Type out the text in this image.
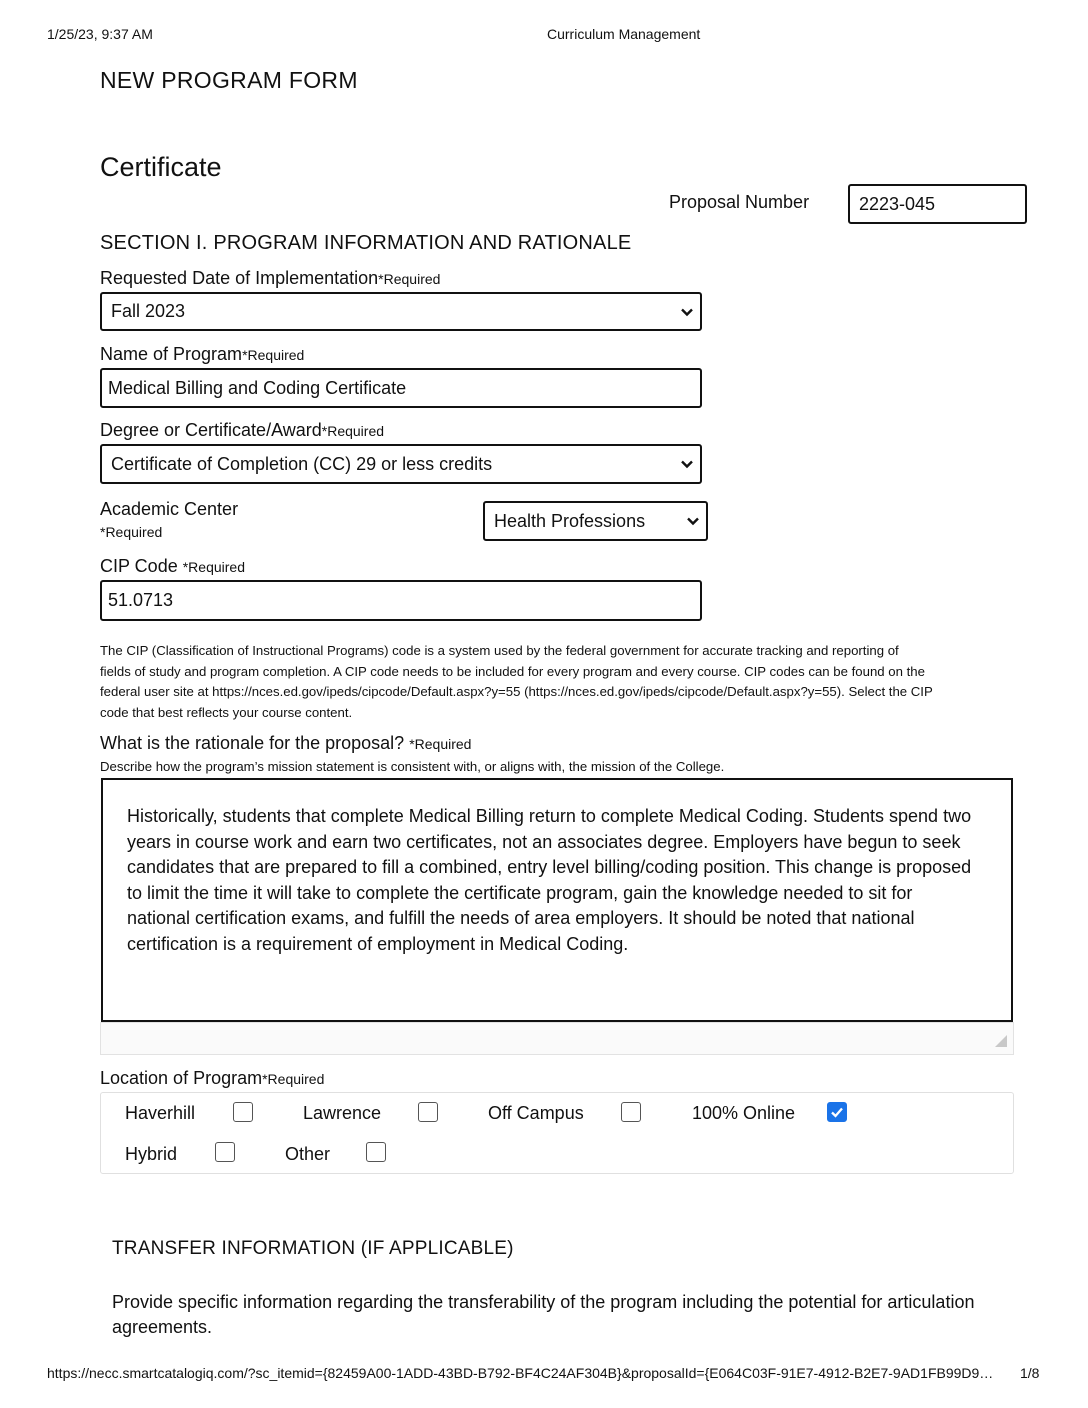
1/25/23, 9:37 AM	Curriculum Management
NEW PROGRAM FORM
Certificate
Proposal Number	2223-045
SECTION I. PROGRAM INFORMATION AND RATIONALE
Requested Date of Implementation*Required
Fall 2023
Name of Program*Required
Medical Billing and Coding Certificate
Degree or Certificate/Award*Required
Certificate of Completion (CC) 29 or less credits
Academic Center
*Required
Health Professions
CIP Code *Required
51.0713
The CIP (Classification of Instructional Programs) code is a system used by the federal government for accurate tracking and reporting of
fields of study and program completion. A CIP code needs to be included for every program and every course. CIP codes can be found on the
federal user site at https://nces.ed.gov/ipeds/cipcode/Default.aspx?y=55 (https://nces.ed.gov/ipeds/cipcode/Default.aspx?y=55). Select the CIP
code that best reflects your course content.
What is the rationale for the proposal? *Required
Describe how the program’s mission statement is consistent with, or aligns with, the mission of the College.
Historically, students that complete Medical Billing return to complete Medical Coding. Students spend two
years in course work and earn two certificates, not an associates degree. Employers have begun to seek
candidates that are prepared to fill a combined, entry level billing/coding position. This change is proposed
to limit the time it will take to complete the certificate program, gain the knowledge needed to sit for
national certification exams, and fulfill the needs of area employers. It should be noted that national
certification is a requirement of employment in Medical Coding.
Location of Program*Required
Haverhill	Lawrence	Off Campus	100% Online
Hybrid	Other
TRANSFER INFORMATION (IF APPLICABLE)
Provide specific information regarding the transferability of the program including the potential for articulation
agreements.
https://necc.smartcatalogiq.com/?sc_itemid={82459A00-1ADD-43BD-B792-BF4C24AF304B}&proposalId={E064C03F-91E7-4912-B2E7-9AD1FB99D9…	1/8
